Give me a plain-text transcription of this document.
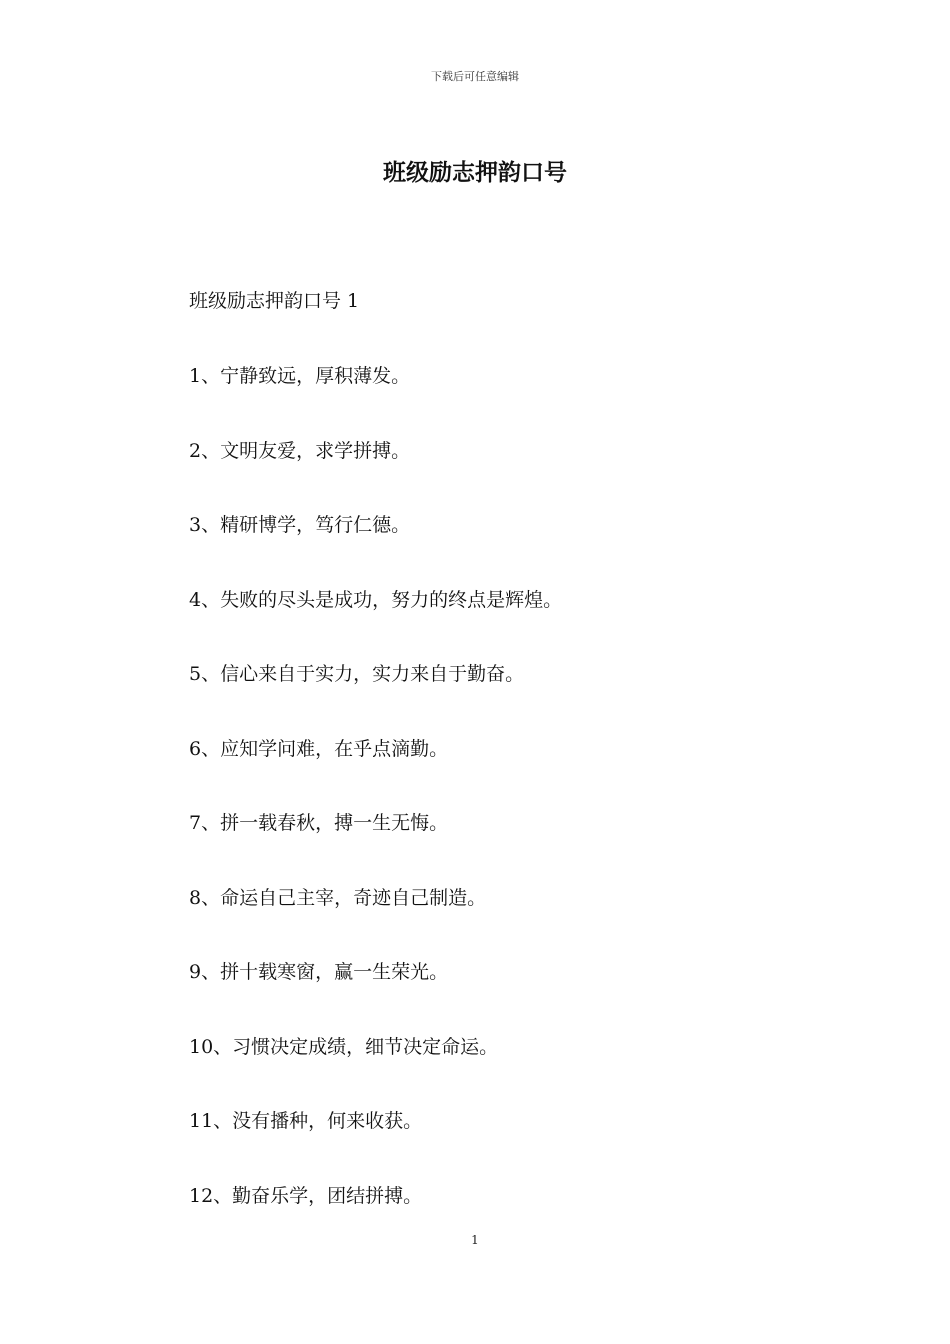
下载后可任意编辑
班级励志押韵口号
班级励志押韵口号 1
1、宁静致远，厚积薄发。
2、文明友爱，求学拼搏。
3、精研博学，笃行仁德。
4、失败的尽头是成功，努力的终点是辉煌。
5、信心来自于实力，实力来自于勤奋。
6、应知学问难，在乎点滴勤。
7、拼一载春秋，搏一生无悔。
8、命运自己主宰，奇迹自己制造。
9、拼十载寒窗，赢一生荣光。
10、习惯决定成绩，细节决定命运。
11、没有播种，何来收获。
12、勤奋乐学，团结拼搏。
1
